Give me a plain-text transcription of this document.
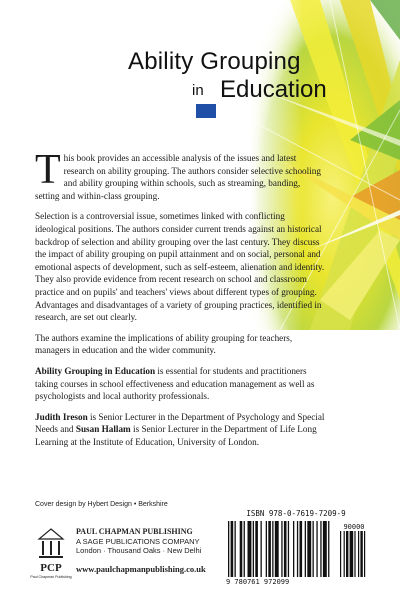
Ability Grouping
in Education

This book provides an accessible analysis of the issues and latest research on ability grouping. The authors consider selective schooling and ability grouping within schools, such as streaming, banding, setting and within-class grouping.

Selection is a controversial issue, sometimes linked with conflicting ideological positions. The authors consider current trends against an historical backdrop of selection and ability grouping over the last century. They discuss the impact of ability grouping on pupil attainment and on social, personal and emotional aspects of development, such as self-esteem, alienation and identity. They also provide evidence from recent research on school and classroom practice and on pupils' and teachers' views about different types of grouping. Advantages and disadvantages of a variety of grouping practices, identified in research, are set out clearly.

The authors examine the implications of ability grouping for teachers, managers in education and the wider community.

Ability Grouping in Education is essential for students and practitioners taking courses in school effectiveness and education management as well as psychologists and local authority professionals.

Judith Ireson is Senior Lecturer in the Department of Psychology and Special Needs and Susan Hallam is Senior Lecturer in the Department of Life Long Learning at the Institute of Education, University of London.

Cover design by Hybert Design • Berkshire
PCP
Paul Chapman Publishing
PAUL CHAPMAN PUBLISHING
A SAGE PUBLICATIONS COMPANY
London · Thousand Oaks · New Delhi
www.paulchapmanpublishing.co.uk
ISBN 978-0-7619-7209-9
90000
9 780761 972099
